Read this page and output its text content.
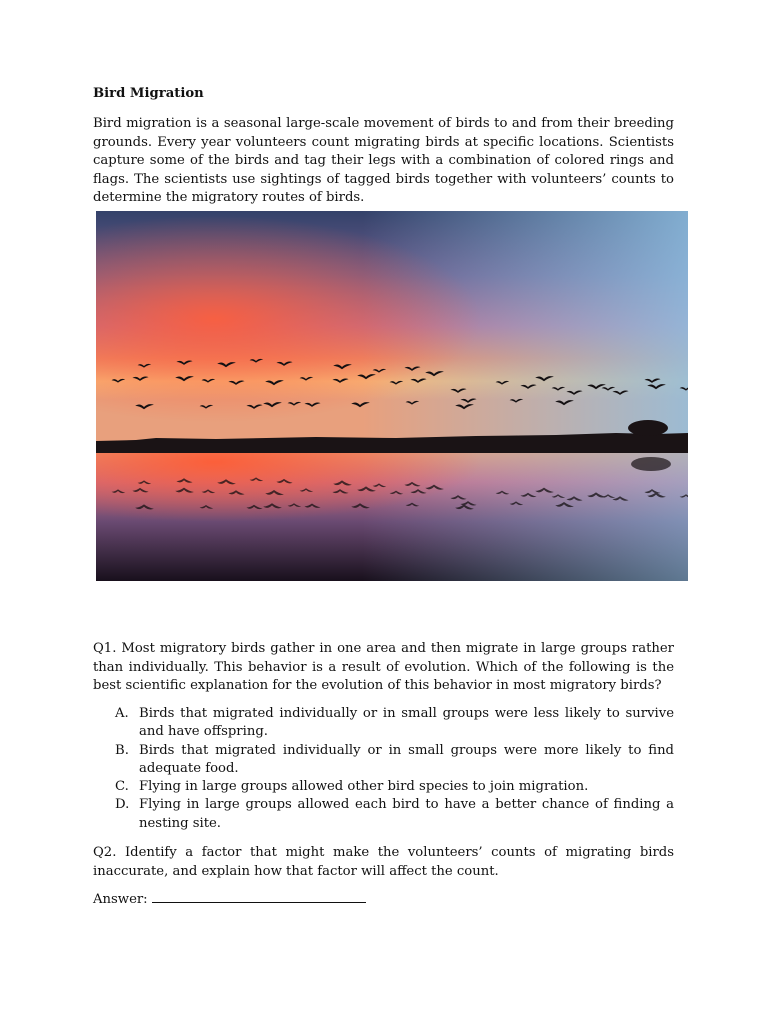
Bird Migration

Bird migration is a seasonal large-scale movement of birds to and from their breeding grounds. Every year volunteers count migrating birds at specific locations. Scientists capture some of the birds and tag their legs with a combination of colored rings and flags. The scientists use sightings of tagged birds together with volunteers’ counts to determine the migratory routes of birds.

Q1. Most migratory birds gather in one area and then migrate in large groups rather than individually. This behavior is a result of evolution. Which of the following is the best scientific explanation for the evolution of this behavior in most migratory birds?

A. Birds that migrated individually or in small groups were less likely to survive and have offspring.
B. Birds that migrated individually or in small groups were more likely to find adequate food.
C. Flying in large groups allowed other bird species to join migration.
D. Flying in large groups allowed each bird to have a better chance of finding a nesting site.

Q2. Identify a factor that might make the volunteers’ counts of migrating birds inaccurate, and explain how that factor will affect the count.

Answer:
